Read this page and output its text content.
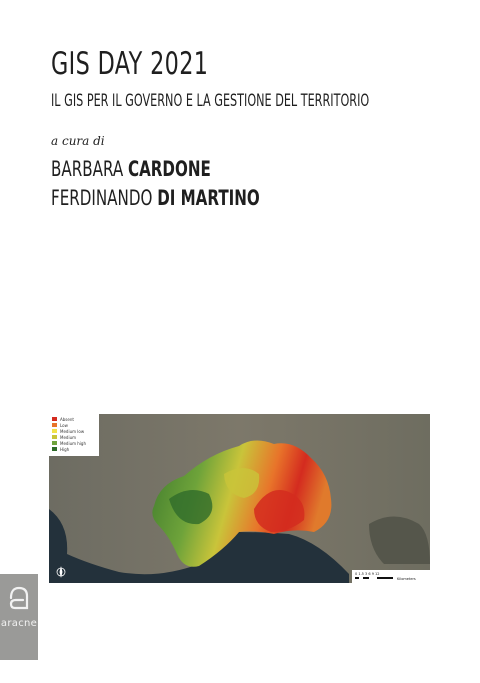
GIS DAY 2021
IL GIS PER IL GOVERNO E LA GESTIONE DEL TERRITORIO
a cura di
BARBARA CARDONE
FERDINANDO DI MARTINO
Absent
Low
Medium low
Medium
Medium high
High
0 1.5 3 6 9 12
Kilometers
aracne
